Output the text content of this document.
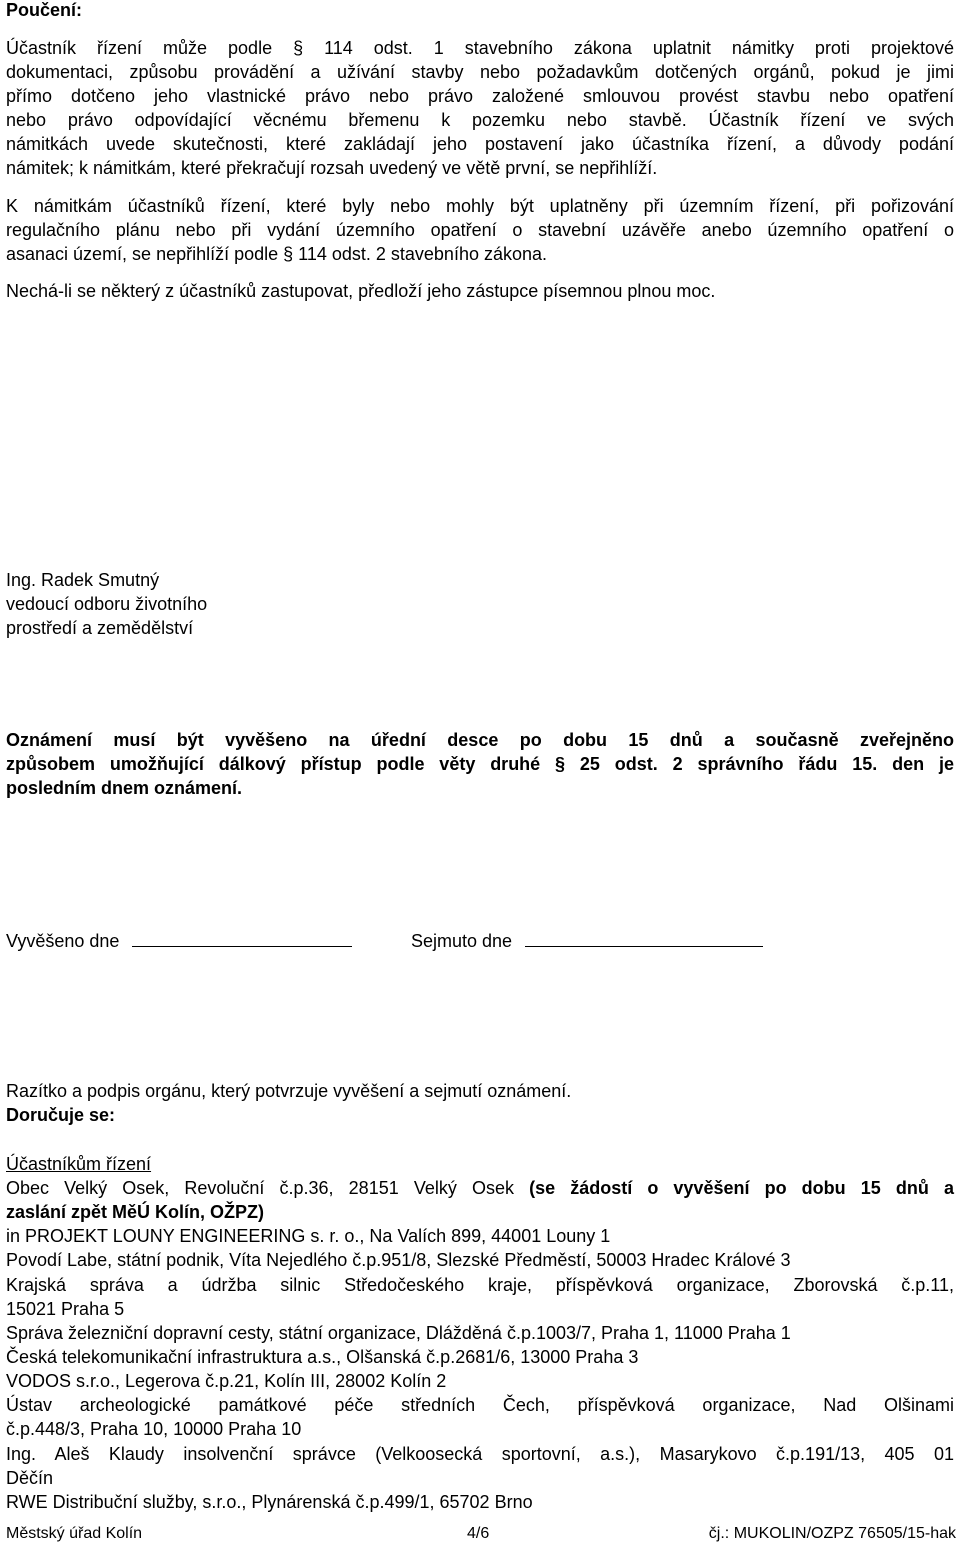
Poučení:
Účastník řízení může podle § 114 odst. 1 stavebního zákona uplatnit námitky proti projektové
dokumentaci, způsobu provádění a užívání stavby nebo požadavkům dotčených orgánů, pokud je jimi
přímo dotčeno jeho vlastnické právo nebo právo založené smlouvou provést stavbu nebo opatření
nebo právo odpovídající věcnému břemenu k pozemku nebo stavbě. Účastník řízení ve svých
námitkách uvede skutečnosti, které zakládají jeho postavení jako účastníka řízení, a důvody podání
námitek; k námitkám, které překračují rozsah uvedený ve větě první, se nepřihlíží.
K námitkám účastníků řízení, které byly nebo mohly být uplatněny při územním řízení, při pořizování
regulačního plánu nebo při vydání územního opatření o stavební uzávěře anebo územního opatření o
asanaci území, se nepřihlíží podle § 114 odst. 2 stavebního zákona.
Nechá-li se některý z účastníků zastupovat, předloží jeho zástupce písemnou plnou moc.
Ing. Radek Smutný
vedoucí odboru životního
prostředí a zemědělství
Oznámení musí být vyvěšeno na úřední desce po dobu 15 dnů a současně zveřejněno
způsobem umožňující dálkový přístup podle věty druhé § 25 odst. 2 správního řádu 15. den je
posledním dnem oznámení.
Vyvěšeno dne	Sejmuto dne
Razítko a podpis orgánu, který potvrzuje vyvěšení a sejmutí oznámení.
Doručuje se:
Účastníkům řízení
Obec Velký Osek, Revoluční č.p.36, 28151 Velký Osek (se žádostí o vyvěšení po dobu 15 dnů a
zaslání zpět MěÚ Kolín, OŽPZ)
in PROJEKT LOUNY ENGINEERING s. r. o., Na Valích 899, 44001 Louny 1
Povodí Labe, státní podnik, Víta Nejedlého č.p.951/8, Slezské Předměstí, 50003 Hradec Králové 3
Krajská správa a údržba silnic Středočeského kraje, příspěvková organizace, Zborovská č.p.11,
15021 Praha 5
Správa železniční dopravní cesty, státní organizace, Dlážděná č.p.1003/7, Praha 1, 11000 Praha 1
Česká telekomunikační infrastruktura a.s., Olšanská č.p.2681/6, 13000 Praha 3
VODOS s.r.o., Legerova č.p.21, Kolín III, 28002 Kolín 2
Ústav archeologické památkové péče středních Čech, příspěvková organizace, Nad Olšinami
č.p.448/3, Praha 10, 10000 Praha 10
Ing. Aleš Klaudy insolvenční správce (Velkoosecká sportovní, a.s.), Masarykovo č.p.191/13, 405 01
Děčín
RWE Distribuční služby, s.r.o., Plynárenská č.p.499/1, 65702 Brno
Městský úřad Kolín	4/6	čj.: MUKOLIN/OZPZ 76505/15-hak
